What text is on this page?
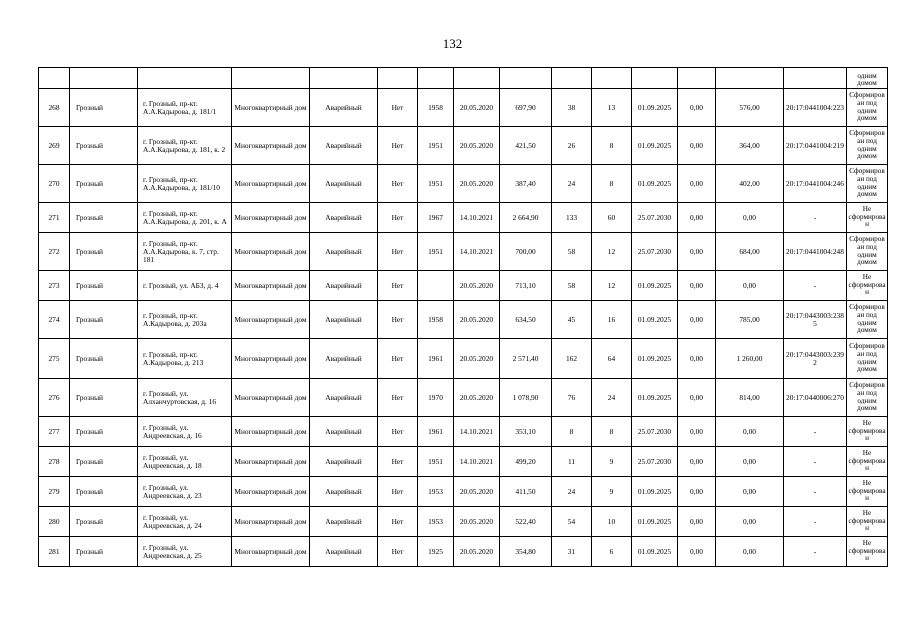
132
															одним домом
268	Грозный	г. Грозный, пр-кт. А.А.Кадырова, д. 181/1	Многоквартирный дом	Аварийный	Нет	1958	20.05.2020	697,90	38	13	01.09.2025	0,00	576,00	20:17:0441004:223	Сформирован под одним домом
269	Грозный	г. Грозный, пр-кт. А.А.Кадырова, д. 181, к. 2	Многоквартирный дом	Аварийный	Нет	1951	20.05.2020	421,50	26	8	01.09.2025	0,00	364,00	20:17:0441004:219	Сформирован под одним домом
270	Грозный	г. Грозный, пр-кт. А.А.Кадырова, д. 181/10	Многоквартирный дом	Аварийный	Нет	1951	20.05.2020	387,40	24	8	01.09.2025	0,00	402,00	20:17:0441004:246	Сформирован под одним домом
271	Грозный	г. Грозный, пр-кт. А.А.Кадырова, д. 201, к. А	Многоквартирный дом	Аварийный	Нет	1967	14.10.2021	2 664,90	133	60	25.07.2030	0,00	0,00	-	Не сформирован
272	Грозный	г. Грозный, пр-кт. А.А.Кадырова, к. 7, стр. 181	Многоквартирный дом	Аварийный	Нет	1951	14.10.2021	700,00	58	12	25.07.2030	0,00	684,00	20:17:0441004:248	Сформирован под одним домом
273	Грозный	г. Грозный, ул. АБЗ, д. 4	Многоквартирный дом	Аварийный	Нет		20.05.2020	713,10	58	12	01.09.2025	0,00	0,00	-	Не сформирован
274	Грозный	г. Грозный, пр-кт. А.Кадырова, д. 203а	Многоквартирный дом	Аварийный	Нет	1958	20.05.2020	634,50	45	16	01.09.2025	0,00	785,00	20:17:0443003:2385	Сформирован под одним домом
275	Грозный	г. Грозный, пр-кт. А.Кадырова, д. 213	Многоквартирный дом	Аварийный	Нет	1961	20.05.2020	2 571,40	162	64	01.09.2025	0,00	1 260,00	20:17:0443003:2392	Сформирован под одним домом
276	Грозный	г. Грозный, ул. Алханчуртовская, д. 16	Многоквартирный дом	Аварийный	Нет	1970	20.05.2020	1 078,90	76	24	01.09.2025	0,00	814,00	20:17:0440006:270	Сформирован под одним домом
277	Грозный	г. Грозный, ул. Андреевская, д. 16	Многоквартирный дом	Аварийный	Нет	1961	14.10.2021	353,10	8	8	25.07.2030	0,00	0,00	-	Не сформирован
278	Грозный	г. Грозный, ул. Андреевская, д. 18	Многоквартирный дом	Аварийный	Нет	1951	14.10.2021	499,20	11	9	25.07.2030	0,00	0,00	-	Не сформирован
279	Грозный	г. Грозный, ул. Андреевская, д. 23	Многоквартирный дом	Аварийный	Нет	1953	20.05.2020	411,50	24	9	01.09.2025	0,00	0,00	-	Не сформирован
280	Грозный	г. Грозный, ул. Андреевская, д. 24	Многоквартирный дом	Аварийный	Нет	1953	20.05.2020	522,40	54	10	01.09.2025	0,00	0,00	-	Не сформирован
281	Грозный	г. Грозный, ул. Андреевская, д. 25	Многоквартирный дом	Аварийный	Нет	1925	20.05.2020	354,80	31	6	01.09.2025	0,00	0,00	-	Не сформирован
